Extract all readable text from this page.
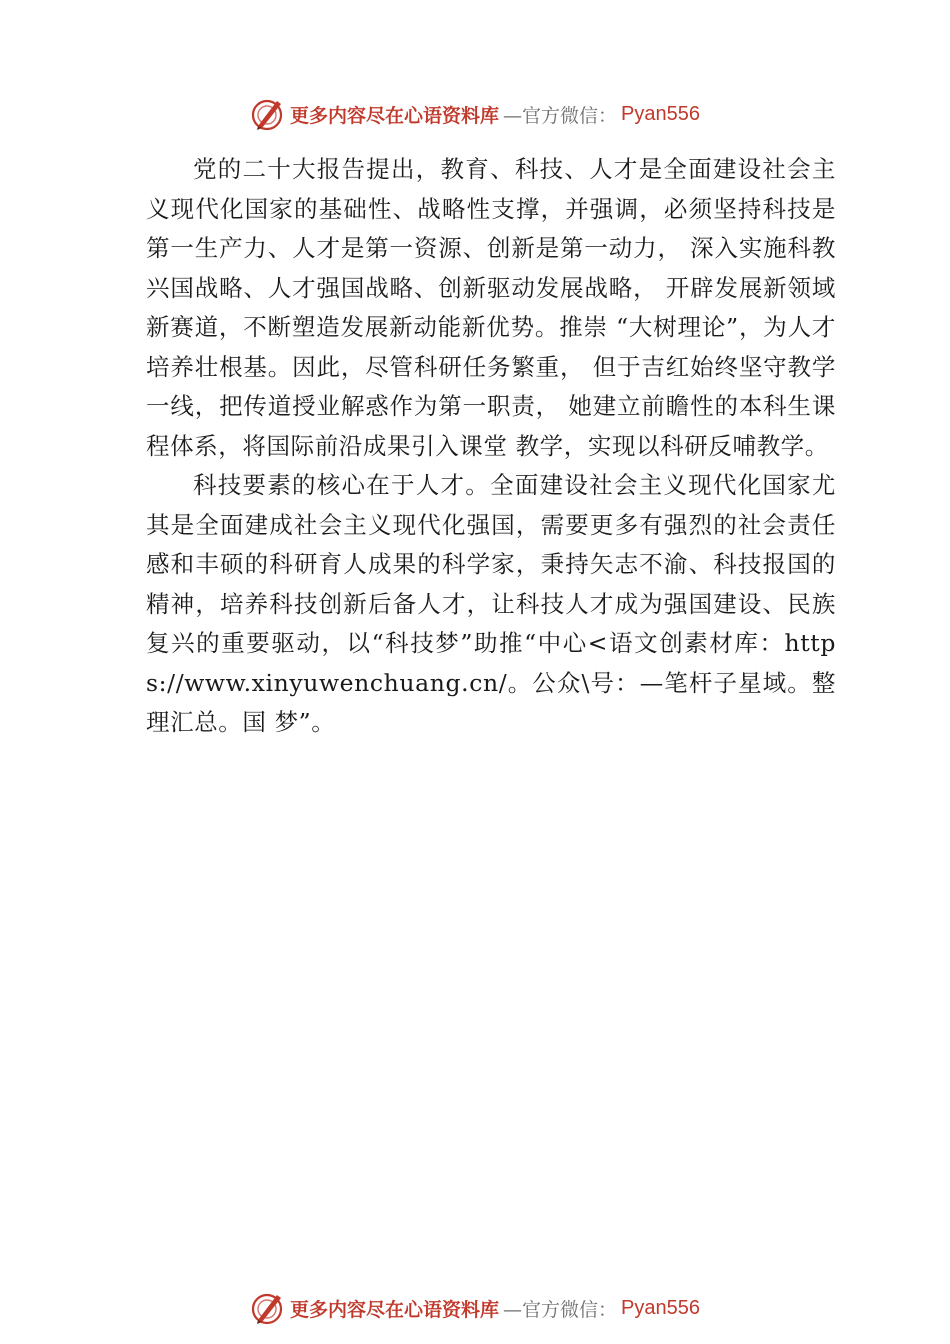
更多内容尽在心语资料库 —官方微信： Pyan556

党的二十大报告提出，教育、科技、人才是全面建设社会主义现代化国家的基础性、战略性支撑，并强调，必须坚持科技是第一生产力、人才是第一资源、创新是第一动力， 深入实施科教兴国战略、人才强国战略、创新驱动发展战略， 开辟发展新领域新赛道，不断塑造发展新动能新优势。推崇 “大树理论”，为人才培养壮根基。因此，尽管科研任务繁重， 但于吉红始终坚守教学一线，把传道授业解惑作为第一职责， 她建立前瞻性的本科生课程体系，将国际前沿成果引入课堂 教学，实现以科研反哺教学。

科技要素的核心在于人才。全面建设社会主义现代化国家尤其是全面建成社会主义现代化强国，需要更多有强烈的社会责任感和丰硕的科研育人成果的科学家，秉持矢志不渝、科技报国的精神，培养科技创新后备人才，让科技人才成为强国建设、民族复兴的重要驱动，以“科技梦”助推“中心<语文创素材库：https://www.xinyuwenchuang.cn/。公众\号：—笔杆子星域。整理汇总。国 梦”。

更多内容尽在心语资料库 —官方微信： Pyan556
